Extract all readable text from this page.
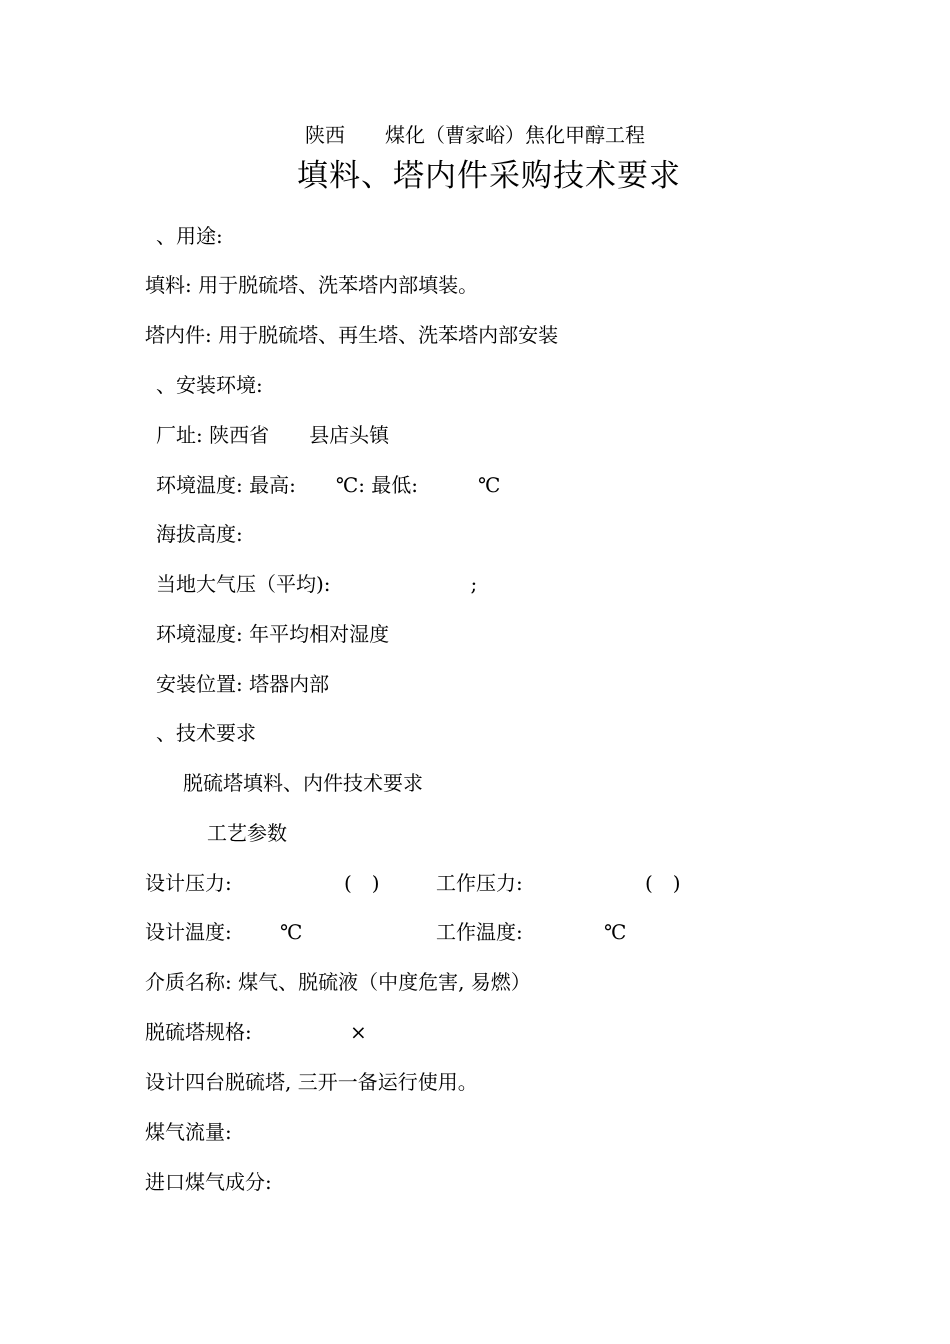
陕西　　煤化（曹家峪）焦化甲醇工程
填料、塔内件采购技术要求
、用途:
填料: 用于脱硫塔、洗苯塔内部填装。
塔内件: 用于脱硫塔、再生塔、洗苯塔内部安装
、安装环境:
厂址: 陕西省　　县店头镇
环境温度: 最高:　　℃: 最低:　　　℃
海拔高度:
当地大气压（平均):　　　　　　　;
环境湿度: 年平均相对湿度
安装位置: 塔器内部
、技术要求
脱硫塔填料、内件技术要求
工艺参数
设计压力:	(　)	工作压力:	(　)
设计温度: ℃	工作温度:	℃
介质名称: 煤气、脱硫液（中度危害, 易燃）
脱硫塔规格:	×
设计四台脱硫塔, 三开一备运行使用。
煤气流量:
进口煤气成分:
